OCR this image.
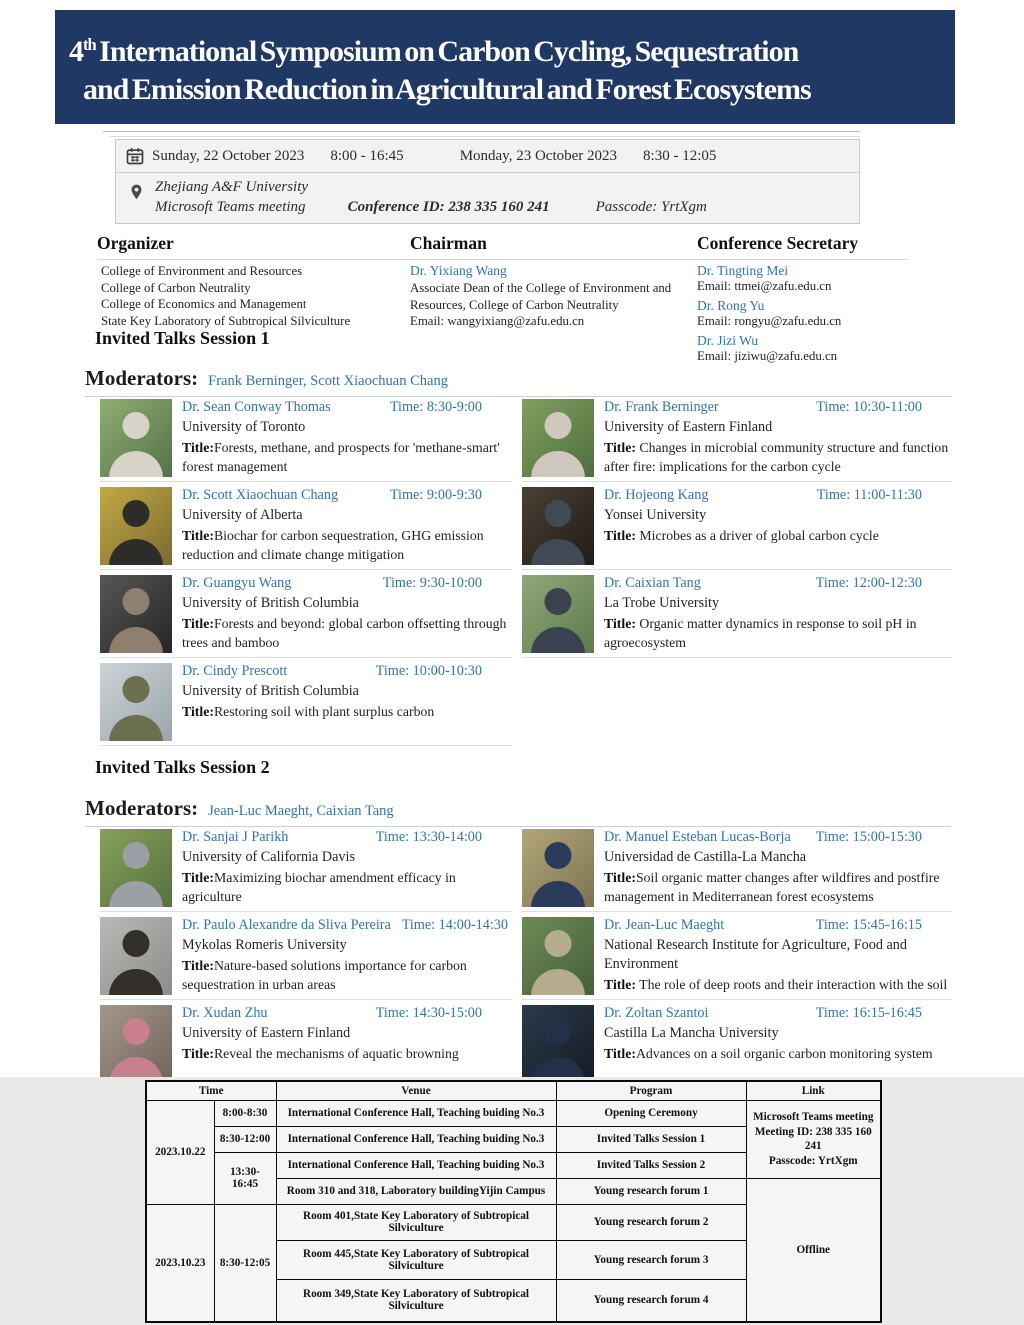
4th International Symposium on Carbon Cycling, Sequestration
and Emission Reduction in Agricultural and Forest Ecosystems
Sunday, 22 October 2023 8:00 - 16:45	Monday, 23 October 2023 8:30 - 12:05
Zhejiang A&F University
Microsoft Teams meeting	Conference ID: 238 335 160 241	Passcode: YrtXgm
Organizer
College of Environment and Resources
College of Carbon Neutrality
College of Economics and Management
State Key Laboratory of Subtropical Silviculture
Chairman
Dr. Yixiang Wang
Associate Dean of the College of Environment and Resources, College of Carbon Neutrality
Email: wangyixiang@zafu.edu.cn
Conference Secretary
Dr. Tingting Mei
Email: ttmei@zafu.edu.cn
Dr. Rong Yu
Email: rongyu@zafu.edu.cn
Dr. Jizi Wu
Email: jiziwu@zafu.edu.cn
Invited Talks Session 1
Moderators: Frank Berninger, Scott Xiaochuan Chang
Dr. Sean Conway Thomas	Time: 8:30-9:00
University of Toronto
Title:Forests, methane, and prospects for 'methane-smart' forest management
Dr. Scott Xiaochuan Chang	Time: 9:00-9:30
University of Alberta
Title:Biochar for carbon sequestration, GHG emission reduction and climate change mitigation
Dr. Guangyu Wang	Time: 9:30-10:00
University of British Columbia
Title:Forests and beyond: global carbon offsetting through trees and bamboo
Dr. Cindy Prescott	Time: 10:00-10:30
University of British Columbia
Title:Restoring soil with plant surplus carbon
Dr. Frank Berninger	Time: 10:30-11:00
University of Eastern Finland
Title: Changes in microbial community structure and function after fire: implications for the carbon cycle
Dr. Hojeong Kang	Time: 11:00-11:30
Yonsei University
Title: Microbes as a driver of global carbon cycle
Dr. Caixian Tang	Time: 12:00-12:30
La Trobe University
Title: Organic matter dynamics in response to soil pH in agroecosystem
Invited Talks Session 2
Moderators: Jean-Luc Maeght, Caixian Tang
Dr. Sanjai J Parikh	Time: 13:30-14:00
University of California Davis
Title:Maximizing biochar amendment efficacy in agriculture
Dr. Paulo Alexandre da Sliva Pereira Time: 14:00-14:30
Mykolas Romeris University
Title:Nature-based solutions importance for carbon sequestration in urban areas
Dr. Xudan Zhu	Time: 14:30-15:00
University of Eastern Finland
Title:Reveal the mechanisms of aquatic browning
Dr. Manuel Esteban Lucas-Borja Time: 15:00-15:30
Universidad de Castilla-La Mancha
Title:Soil organic matter changes after wildfires and postfire management in Mediterranean forest ecosystems
Dr. Jean-Luc Maeght	Time: 15:45-16:15
National Research Institute for Agriculture, Food and Environment
Title: The role of deep roots and their interaction with the soil
Dr. Zoltan Szantoi	Time: 16:15-16:45
Castilla La Mancha University
Title:Advances on a soil organic carbon monitoring system
Time		Venue	Program	Link
2023.10.22	8:00-8:30	International Conference Hall, Teaching buiding No.3	Opening Ceremony	Microsoft Teams meeting
Meeting ID: 238 335 160 241
Passcode: YrtXgm

	8:30-12:00	International Conference Hall, Teaching buiding No.3	Invited Talks Session 1	
	13:30-16:45	International Conference Hall, Teaching buiding No.3	Invited Talks Session 2	
		Room 310 and 318, Laboratory buildingYijin Campus	Young research forum 1	Offline
2023.10.23	8:30-12:05	Room 401,State Key Laboratory of Subtropical Silviculture	Young research forum 2	
		Room 445,State Key Laboratory of Subtropical Silviculture	Young research forum 3	
		Room 349,State Key Laboratory of Subtropical Silviculture	Young research forum 4	
